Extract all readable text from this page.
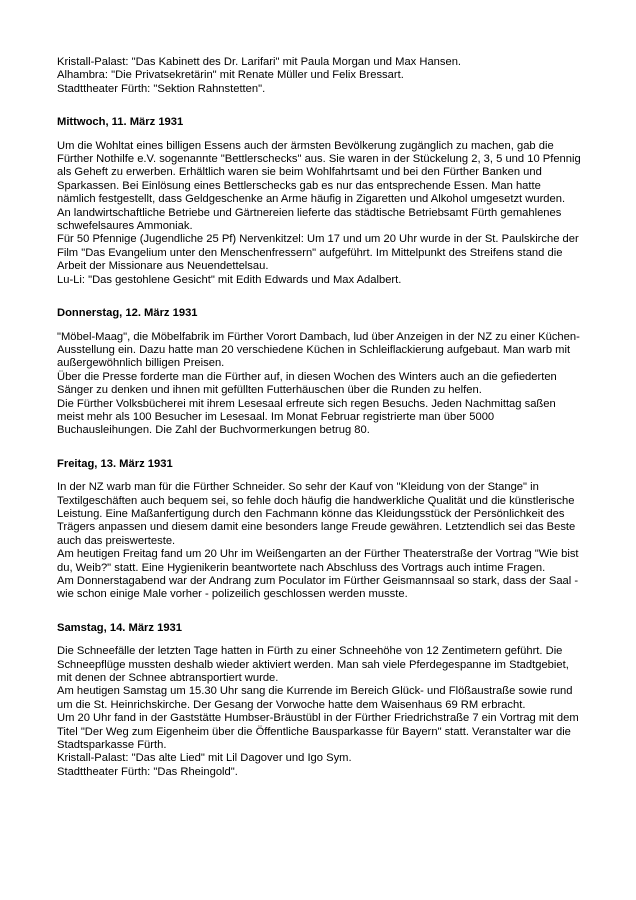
Kristall-Palast: "Das Kabinett des Dr. Larifari" mit Paula Morgan und Max Hansen.

Alhambra: "Die Privatsekretärin" mit Renate Müller und Felix Bressart.

Stadttheater Fürth: "Sektion Rahnstetten".

Mittwoch, 11. März 1931

Um die Wohltat eines billigen Essens auch der ärmsten Bevölkerung zugänglich zu machen, gab die Fürther Nothilfe e.V. sogenannte "Bettlerschecks" aus. Sie waren in der Stückelung 2, 3, 5 und 10 Pfennig als Geheft zu erwerben. Erhältlich waren sie beim Wohlfahrtsamt und bei den Fürther Banken und Sparkassen. Bei Einlösung eines Bettlerschecks gab es nur das entsprechende Essen. Man hatte nämlich festgestellt, dass Geldgeschenke an Arme häufig in Zigaretten und Alkohol umgesetzt wurden.

An landwirtschaftliche Betriebe und Gärtnereien lieferte das städtische Betriebsamt Fürth gemahlenes schwefelsaures Ammoniak.

Für 50 Pfennige (Jugendliche 25 Pf) Nervenkitzel: Um 17 und um 20 Uhr wurde in der St. Paulskirche der Film "Das Evangelium unter den Menschenfressern" aufgeführt. Im Mittelpunkt des Streifens stand die Arbeit der Missionare aus Neuendettelsau.

Lu-Li: "Das gestohlene Gesicht" mit Edith Edwards und Max Adalbert.

Donnerstag, 12. März 1931

"Möbel-Maag", die Möbelfabrik im Fürther Vorort Dambach, lud über Anzeigen in der NZ zu einer Küchen-Ausstellung ein. Dazu hatte man 20 verschiedene Küchen in Schleiflackierung aufgebaut. Man warb mit außergewöhnlich billigen Preisen.

Über die Presse forderte man die Fürther auf, in diesen Wochen des Winters auch an die gefiederten Sänger zu denken und ihnen mit gefüllten Futterhäuschen über die Runden zu helfen.

Die Fürther Volksbücherei mit ihrem Lesesaal erfreute sich regen Besuchs. Jeden Nachmittag saßen meist mehr als 100 Besucher im Lesesaal. Im Monat Februar registrierte man über 5000 Buchausleihungen. Die Zahl der Buchvormerkungen betrug 80.

Freitag, 13. März 1931

In der NZ warb man für die Fürther Schneider. So sehr der Kauf von "Kleidung von der Stange" in Textilgeschäften auch bequem sei, so fehle doch häufig die handwerkliche Qualität und die künstlerische Leistung. Eine Maßanfertigung durch den Fachmann könne das Kleidungsstück der Persönlichkeit des Trägers anpassen und diesem damit eine besonders lange Freude gewähren. Letztendlich sei das Beste auch das preiswerteste.

Am heutigen Freitag fand um 20 Uhr im Weißengarten an der Fürther Theaterstraße der Vortrag "Wie bist du, Weib?" statt. Eine Hygienikerin beantwortete nach Abschluss des Vortrags auch intime Fragen.

Am Donnerstagabend war der Andrang zum Poculator im Fürther Geismannsaal so stark, dass der Saal - wie schon einige Male vorher - polizeilich geschlossen werden musste.

Samstag, 14. März 1931

Die Schneefälle der letzten Tage hatten in Fürth zu einer Schneehöhe von 12 Zentimetern geführt. Die Schneepflüge mussten deshalb wieder aktiviert werden. Man sah viele Pferdegespanne im Stadtgebiet, mit denen der Schnee abtransportiert wurde.

Am heutigen Samstag um 15.30 Uhr sang die Kurrende im Bereich Glück- und Flößaustraße sowie rund um die St. Heinrichskirche. Der Gesang der Vorwoche hatte dem Waisenhaus 69 RM erbracht.

Um 20 Uhr fand in der Gaststätte Humbser-Bräustübl in der Fürther Friedrichstraße 7 ein Vortrag mit dem Titel "Der Weg zum Eigenheim über die Öffentliche Bausparkasse für Bayern" statt. Veranstalter war die Stadtsparkasse Fürth.

Kristall-Palast: "Das alte Lied" mit Lil Dagover und Igo Sym.

Stadttheater Fürth: "Das Rheingold".
